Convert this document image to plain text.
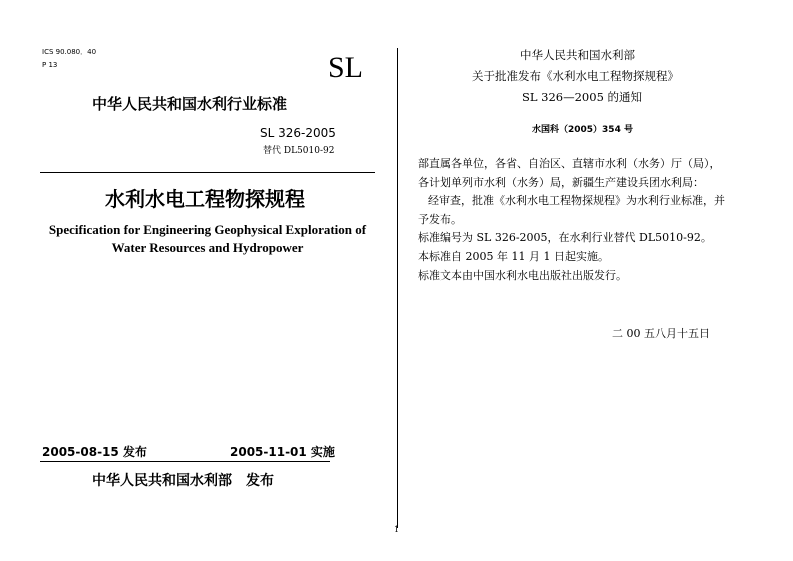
ICS 90.080．40
P 13	SL
中华人民共和国水利行业标准
SL 326-2005
替代 DL5010-92
水利水电工程物探规程
Specification for Engineering Geophysical Exploration of Water Resources and Hydropower
2005-08-15 发布	2005-11-01 实施
中华人民共和国水利部 发布
中华人民共和国水利部
关于批准发布《水利水电工程物探规程》
SL 326—2005 的通知
水国科（2005）354 号
部直属各单位，各省、自治区、直辖市水利（水务）厅（局），
各计划单列市水利（水务）局，新疆生产建设兵团水利局：
经审查，批准《水利水电工程物探规程》为水利行业标准，并
予发布。
标准编号为 SL 326-2005，在水利行业替代 DL5010-92。
本标准自 2005 年 11 月 1 日起实施。
标准文本由中国水利水电出版社出版发行。
二 00 五八月十五日
1
